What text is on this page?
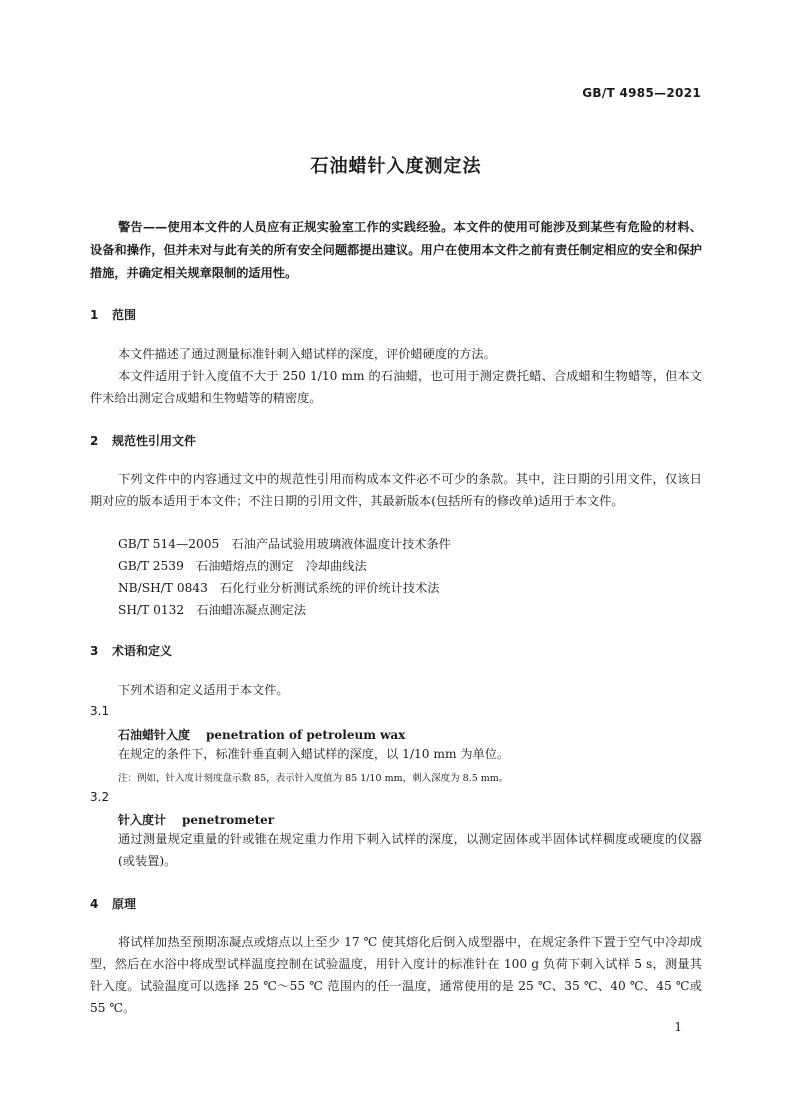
GB/T 4985—2021
石油蜡针入度测定法
警告——使用本文件的人员应有正规实验室工作的实践经验。本文件的使用可能涉及到某些有危险的材料、设备和操作，但并未对与此有关的所有安全问题都提出建议。用户在使用本文件之前有责任制定相应的安全和保护措施，并确定相关规章限制的适用性。
1 范围
本文件描述了通过测量标准针刺入蜡试样的深度，评价蜡硬度的方法。
本文件适用于针入度值不大于 250 1/10 mm 的石油蜡，也可用于测定费托蜡、合成蜡和生物蜡等，但本文件未给出测定合成蜡和生物蜡等的精密度。
2 规范性引用文件
下列文件中的内容通过文中的规范性引用而构成本文件必不可少的条款。其中，注日期的引用文件，仅该日期对应的版本适用于本文件；不注日期的引用文件，其最新版本(包括所有的修改单)适用于本文件。
GB/T 514—2005　石油产品试验用玻璃液体温度计技术条件
GB/T 2539　石油蜡熔点的测定　冷却曲线法
NB/SH/T 0843　石化行业分析测试系统的评价统计技术法
SH/T 0132　石油蜡冻凝点测定法
3 术语和定义
下列术语和定义适用于本文件。
3.1
石油蜡针入度 penetration of petroleum wax
在规定的条件下，标准针垂直刺入蜡试样的深度，以 1/10 mm 为单位。
注：例如，针入度计刻度盘示数 85，表示针入度值为 85 1/10 mm，刺入深度为 8.5 mm。
3.2
针入度计 penetrometer
通过测量规定重量的针或锥在规定重力作用下刺入试样的深度，以测定固体或半固体试样稠度或硬度的仪器(或装置)。
4 原理
将试样加热至预期冻凝点或熔点以上至少 17 ℃ 使其熔化后倒入成型器中，在规定条件下置于空气中冷却成型，然后在水浴中将成型试样温度控制在试验温度，用针入度计的标准针在 100 g 负荷下刺入试样 5 s，测量其针入度。试验温度可以选择 25 ℃～55 ℃ 范围内的任一温度，通常使用的是 25 ℃、35 ℃、40 ℃、45 ℃或 55 ℃。
1
